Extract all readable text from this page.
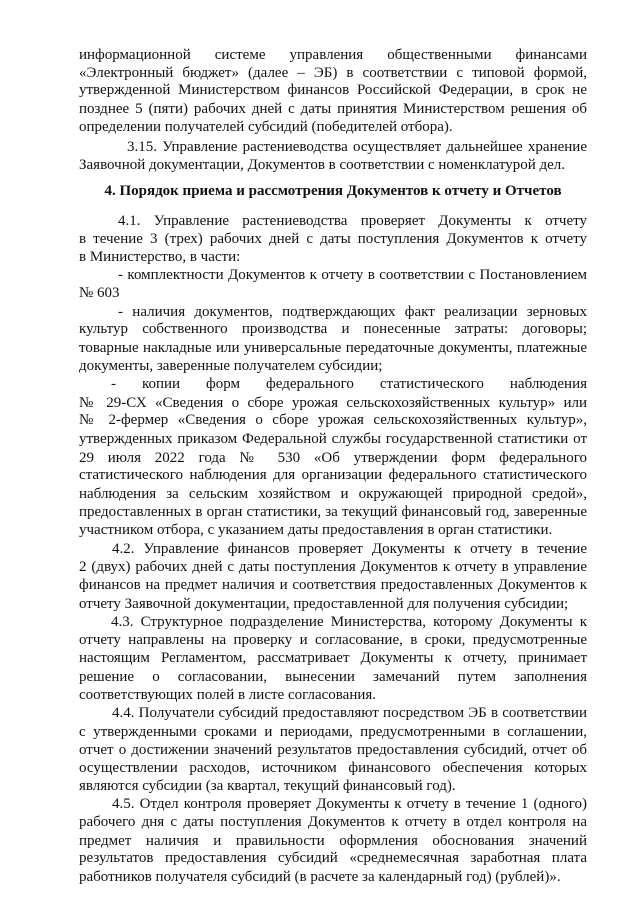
информационной системе управления общественными финансами
«Электронный бюджет» (далее – ЭБ) в соответствии с типовой формой,
утвержденной Министерством финансов Российской Федерации, в срок не
позднее 5 (пяти) рабочих дней с даты принятия Министерством решения об
определении получателей субсидий (победителей отбора).
3.15. Управление растениеводства осуществляет дальнейшее хранение
Заявочной документации, Документов в соответствии с номенклатурой дел.
4. Порядок приема и рассмотрения Документов к отчету и Отчетов
4.1. Управление растениеводства проверяет Документы к отчету
в течение 3 (трех) рабочих дней с даты поступления Документов к отчету
в Министерство, в части:
- комплектности Документов к отчету в соответствии с Постановлением
№ 603
- наличия документов, подтверждающих факт реализации зерновых
культур собственного производства и понесенные затраты: договоры;
товарные накладные или универсальные передаточные документы, платежные
документы, заверенные получателем субсидии;
- копии форм федерального статистического наблюдения
№ 29-СХ «Сведения о сборе урожая сельскохозяйственных культур» или
№ 2-фермер «Сведения о сборе урожая сельскохозяйственных культур»,
утвержденных приказом Федеральной службы государственной статистики от
29 июля 2022 года № 530 «Об утверждении форм федерального
статистического наблюдения для организации федерального статистического
наблюдения за сельским хозяйством и окружающей природной средой»,
предоставленных в орган статистики, за текущий финансовый год, заверенные
участником отбора, с указанием даты предоставления в орган статистики.
4.2. Управление финансов проверяет Документы к отчету в течение
2 (двух) рабочих дней с даты поступления Документов к отчету в управление
финансов на предмет наличия и соответствия предоставленных Документов к
отчету Заявочной документации, предоставленной для получения субсидии;
4.3. Структурное подразделение Министерства, которому Документы к
отчету направлены на проверку и согласование, в сроки, предусмотренные
настоящим Регламентом, рассматривает Документы к отчету, принимает
решение о согласовании, вынесении замечаний путем заполнения
соответствующих полей в листе согласования.
4.4. Получатели субсидий предоставляют посредством ЭБ в соответствии
с утвержденными сроками и периодами, предусмотренными в соглашении,
отчет о достижении значений результатов предоставления субсидий, отчет об
осуществлении расходов, источником финансового обеспечения которых
являются субсидии (за квартал, текущий финансовый год).
4.5. Отдел контроля проверяет Документы к отчету в течение 1 (одного)
рабочего дня с даты поступления Документов к отчету в отдел контроля на
предмет наличия и правильности оформления обоснования значений
результатов предоставления субсидий «среднемесячная заработная плата
работников получателя субсидий (в расчете за календарный год) (рублей)».
